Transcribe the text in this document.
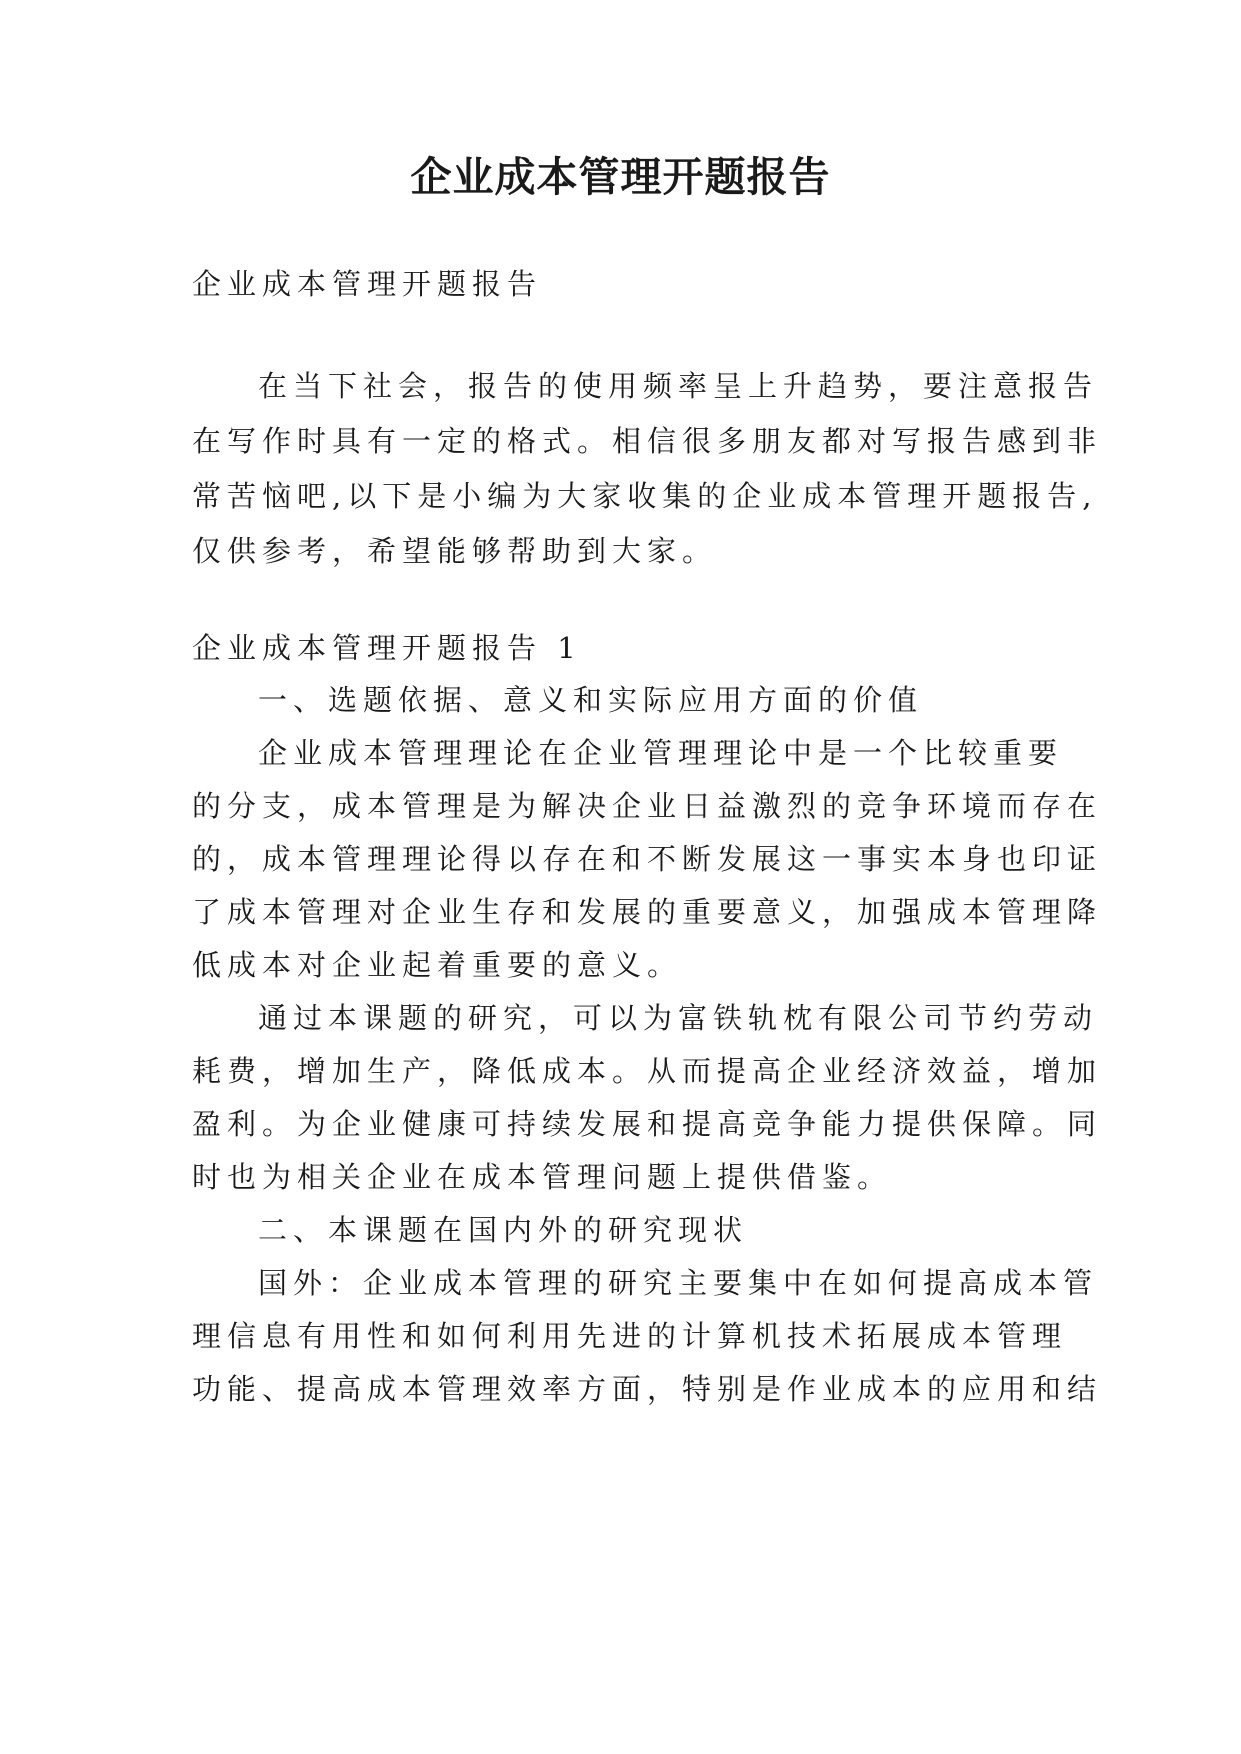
企业成本管理开题报告

企业成本管理开题报告

在当下社会，报告的使用频率呈上升趋势，要注意报告

在写作时具有一定的格式。相信很多朋友都对写报告感到非

常苦恼吧,以下是小编为大家收集的企业成本管理开题报告,

仅供参考，希望能够帮助到大家。

企业成本管理开题报告 1

一、选题依据、意义和实际应用方面的价值

企业成本管理理论在企业管理理论中是一个比较重要

的分支，成本管理是为解决企业日益激烈的竞争环境而存在

的，成本管理理论得以存在和不断发展这一事实本身也印证

了成本管理对企业生存和发展的重要意义，加强成本管理降

低成本对企业起着重要的意义。

通过本课题的研究，可以为富铁轨枕有限公司节约劳动

耗费，增加生产，降低成本。从而提高企业经济效益，增加

盈利。为企业健康可持续发展和提高竞争能力提供保障。同

时也为相关企业在成本管理问题上提供借鉴。

二、本课题在国内外的研究现状

国外：企业成本管理的研究主要集中在如何提高成本管

理信息有用性和如何利用先进的计算机技术拓展成本管理

功能、提高成本管理效率方面，特别是作业成本的应用和结
